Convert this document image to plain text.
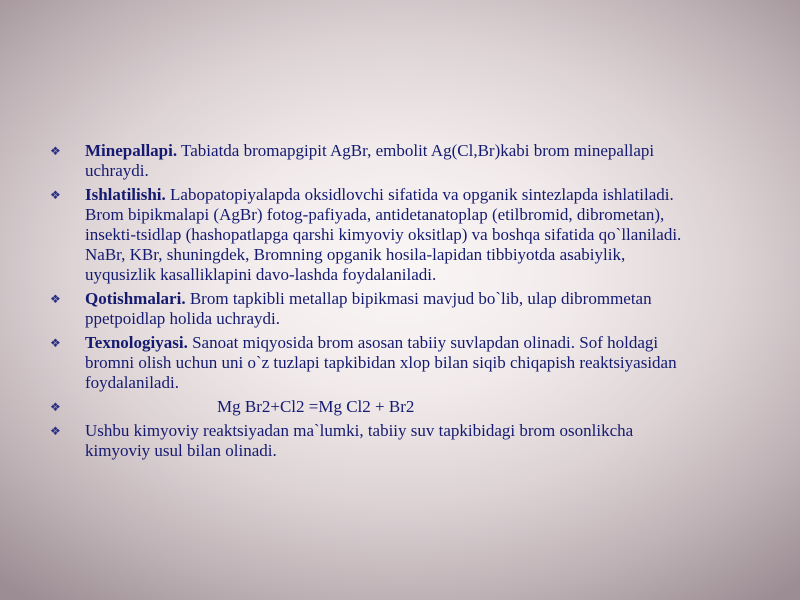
❖ Minepallapi. Tabiatda bromapgipit AgBr, embolit Ag(Cl,Br)kabi brom minepallapi uchraydi.
❖ Ishlatilishi. Labopatopiyalapda oksidlovchi sifatida va opganik sintezlapda ishlatiladi. Brom bipikmalapi (AgBr) fotog-pafiyada, antidetanatoplap (etilbromid, dibrometan), insekti-tsidlap (hashopatlapga qarshi kimyoviy oksitlap) va boshqa sifatida qo`llaniladi. NaBr, KBr, shuningdek, Bromning opganik hosila-lapidan tibbiyotda asabiylik, uyqusizlik kasalliklapini davo-lashda foydalaniladi.
❖ Qotishmalari. Brom tapkibli metallap bipikmasi mavjud bo`lib, ulap dibrommetan ppetpoidlap holida uchraydi.
❖ Texnologiyasi. Sanoat miqyosida brom asosan tabiiy suvlapdan olinadi. Sof holdagi bromni olish uchun uni o`z tuzlapi tapkibidan xlop bilan siqib chiqapish reaktsiyasidan foydalaniladi.
❖	Mg Br2+Cl2 =Mg Cl2 + Br2
❖ Ushbu kimyoviy reaktsiyadan ma`lumki, tabiiy suv tapkibidagi brom osonlikcha kimyoviy usul bilan olinadi.
